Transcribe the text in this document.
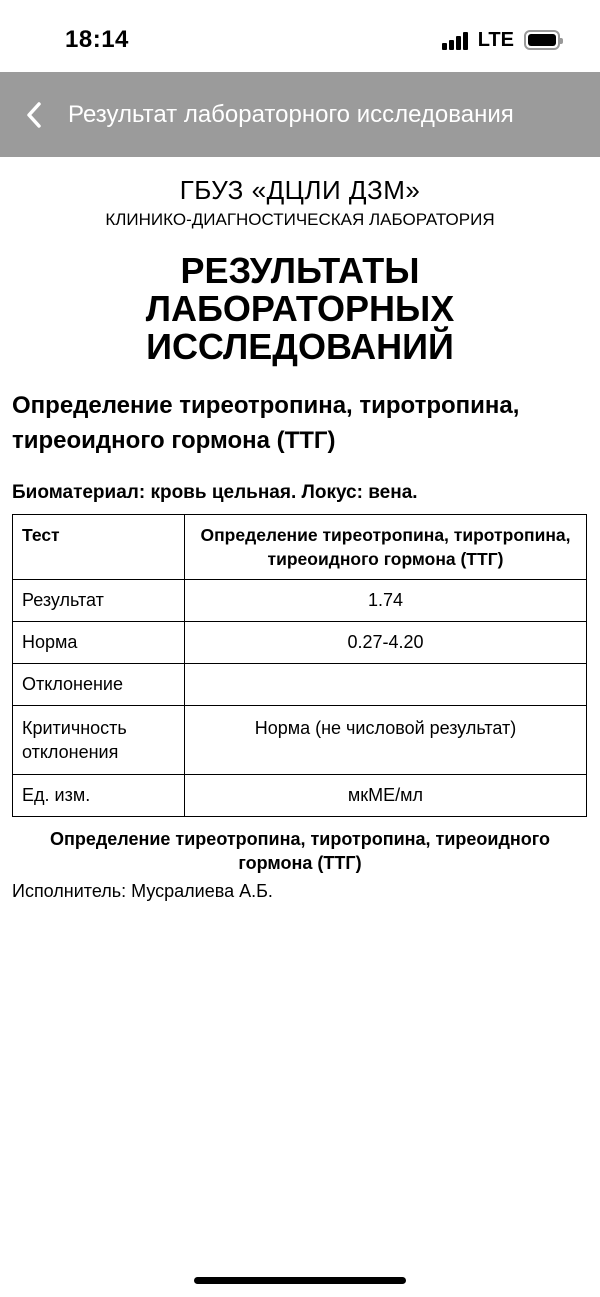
18:14	LTE
Результат лабораторного исследования
ГБУЗ «ДЦЛИ ДЗМ»
КЛИНИКО-ДИАГНОСТИЧЕСКАЯ ЛАБОРАТОРИЯ
РЕЗУЛЬТАТЫ ЛАБОРАТОРНЫХ ИССЛЕДОВАНИЙ
Определение тиреотропина, тиротропина, тиреоидного гормона (ТТГ)
Биоматериал: кровь цельная. Локус: вена.
Тест	Определение тиреотропина, тиротропина, тиреоидного гормона (ТТГ)
Результат	1.74
Норма	0.27-4.20
Отклонение	
Критичность отклонения	Норма (не числовой результат)
Ед. изм.	мкМЕ/мл
Определение тиреотропина, тиротропина, тиреоидного гормона (ТТГ)
Исполнитель: Мусралиева А.Б.
